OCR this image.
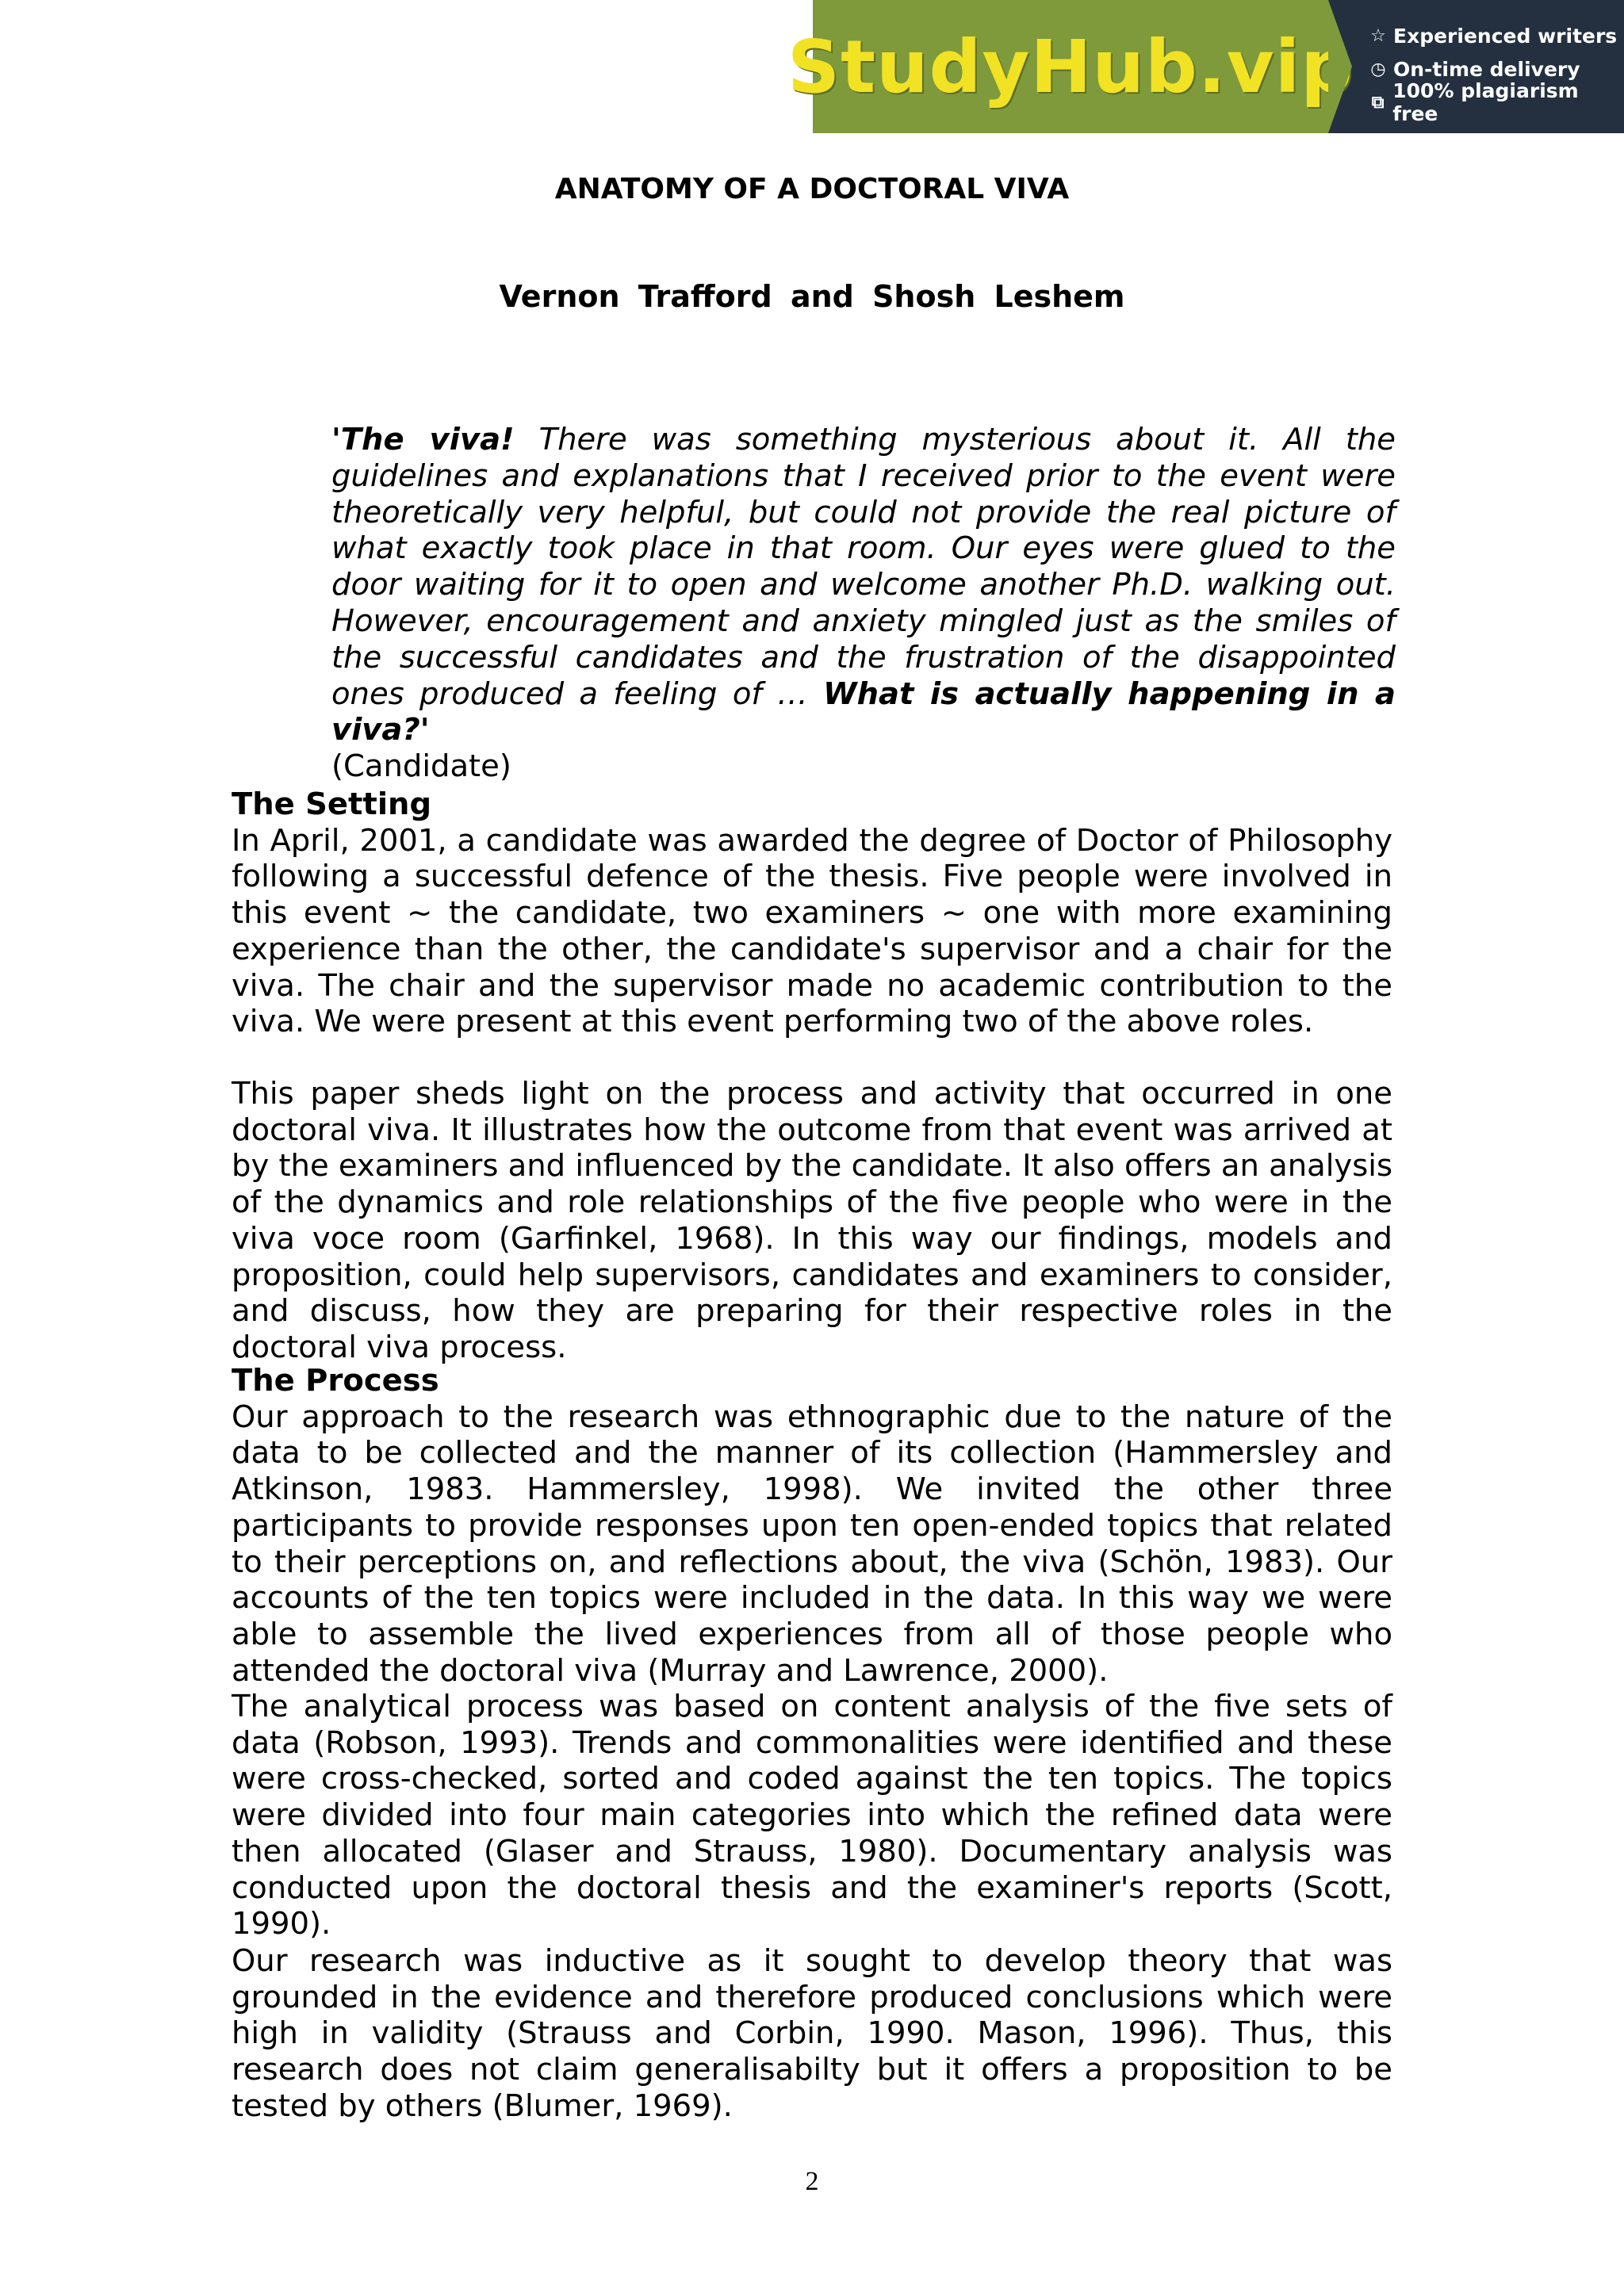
StudyHub.vip ☆ Experienced writers
◷ On-time delivery
⧉ 100% plagiarism free
ANATOMY OF A DOCTORAL VIVA
Vernon Trafford and Shosh Leshem
'The viva! There was something mysterious about it. All the guidelines and explanations that I received prior to the event were theoretically very helpful, but could not provide the real picture of what exactly took place in that room. Our eyes were glued to the door waiting for it to open and welcome another Ph.D. walking out. However, encouragement and anxiety mingled just as the smiles of the successful candidates and the frustration of the disappointed ones produced a feeling of … What is actually happening in a viva?'
(Candidate)
The Setting
In April, 2001, a candidate was awarded the degree of Doctor of Philosophy following a successful defence of the thesis. Five people were involved in this event ~ the candidate, two examiners ~ one with more examining experience than the other, the candidate's supervisor and a chair for the viva. The chair and the supervisor made no academic contribution to the viva. We were present at this event performing two of the above roles.
This paper sheds light on the process and activity that occurred in one doctoral viva. It illustrates how the outcome from that event was arrived at by the examiners and influenced by the candidate. It also offers an analysis of the dynamics and role relationships of the five people who were in the viva voce room (Garfinkel, 1968). In this way our findings, models and proposition, could help supervisors, candidates and examiners to consider, and discuss, how they are preparing for their respective roles in the doctoral viva process.
The Process
Our approach to the research was ethnographic due to the nature of the data to be collected and the manner of its collection (Hammersley and Atkinson, 1983. Hammersley, 1998). We invited the other three participants to provide responses upon ten open-ended topics that related to their perceptions on, and reflections about, the viva (Schön, 1983). Our accounts of the ten topics were included in the data. In this way we were able to assemble the lived experiences from all of those people who attended the doctoral viva (Murray and Lawrence, 2000).
The analytical process was based on content analysis of the five sets of data (Robson, 1993). Trends and commonalities were identified and these were cross-checked, sorted and coded against the ten topics. The topics were divided into four main categories into which the refined data were then allocated (Glaser and Strauss, 1980). Documentary analysis was conducted upon the doctoral thesis and the examiner's reports (Scott, 1990).
Our research was inductive as it sought to develop theory that was grounded in the evidence and therefore produced conclusions which were high in validity (Strauss and Corbin, 1990. Mason, 1996). Thus, this research does not claim generalisabilty but it offers a proposition to be tested by others (Blumer, 1969).
2
